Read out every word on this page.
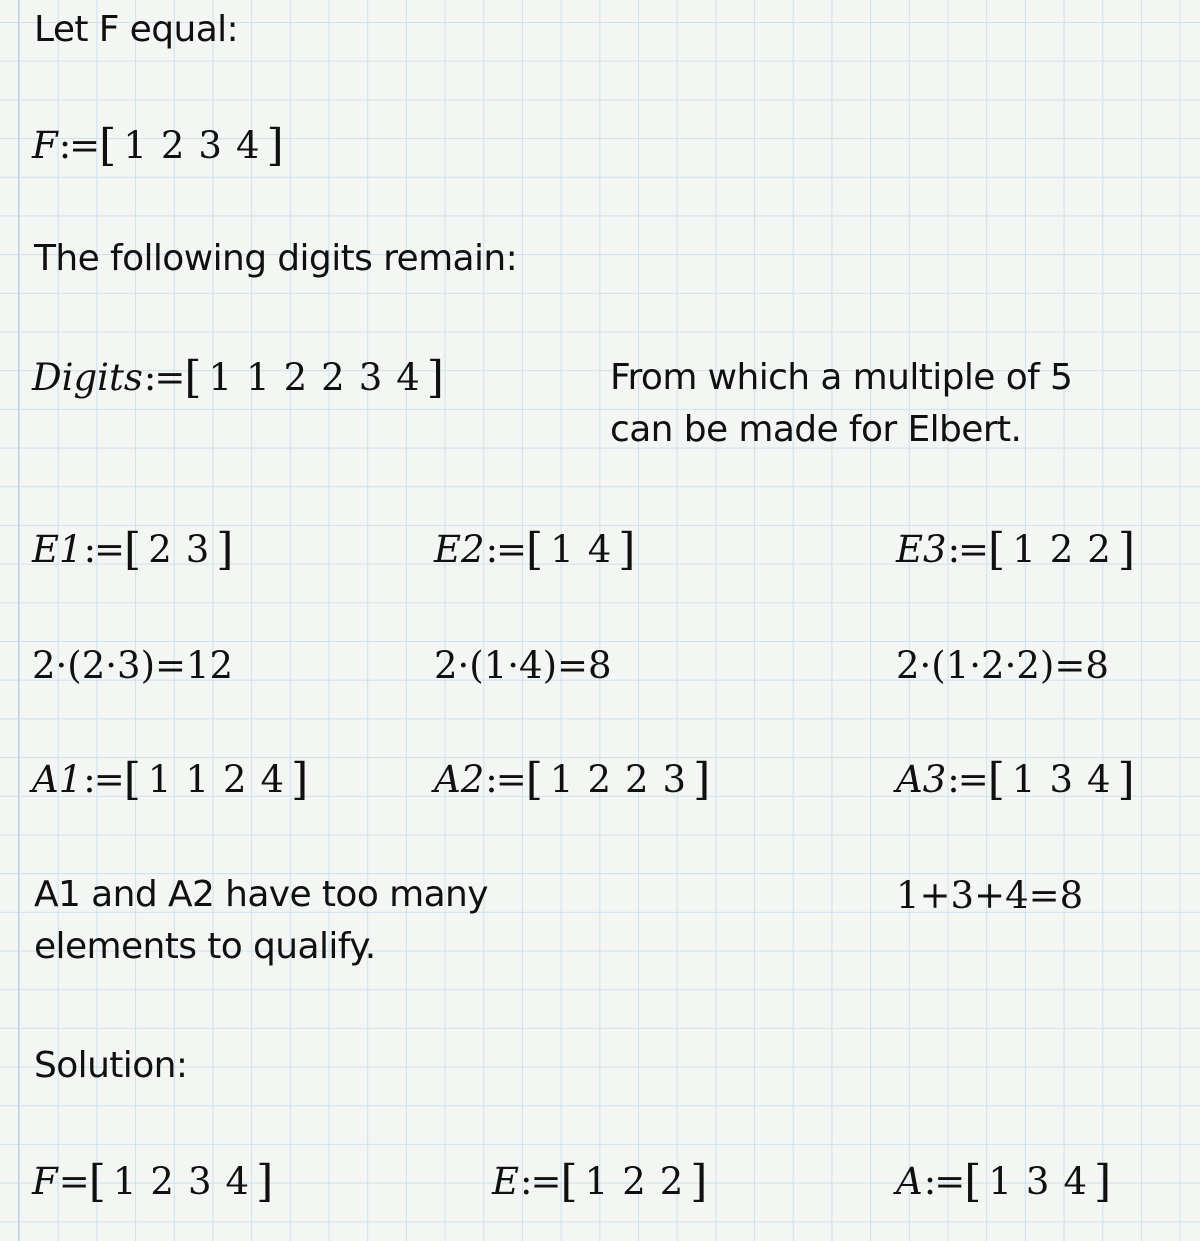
Let F equal:
F:=[ 1 2 3 4 ]
The following digits remain:
Digits:=[ 1 1 2 2 3 4 ]	From which a multiple of 5
can be made for Elbert.
E1:=[ 2 3 ]	E2:=[ 1 4 ]	E3:=[ 1 2 2 ]
2·(2·3)=12	2·(1·4)=8	2·(1·2·2)=8
A1:=[ 1 1 2 4 ]	A2:=[ 1 2 2 3 ]	A3:=[ 1 3 4 ]
A1 and A2 have too many
elements to qualify.
1+3+4=8
Solution:
F=[ 1 2 3 4 ]	E:=[ 1 2 2 ]	A:=[ 1 3 4 ]
